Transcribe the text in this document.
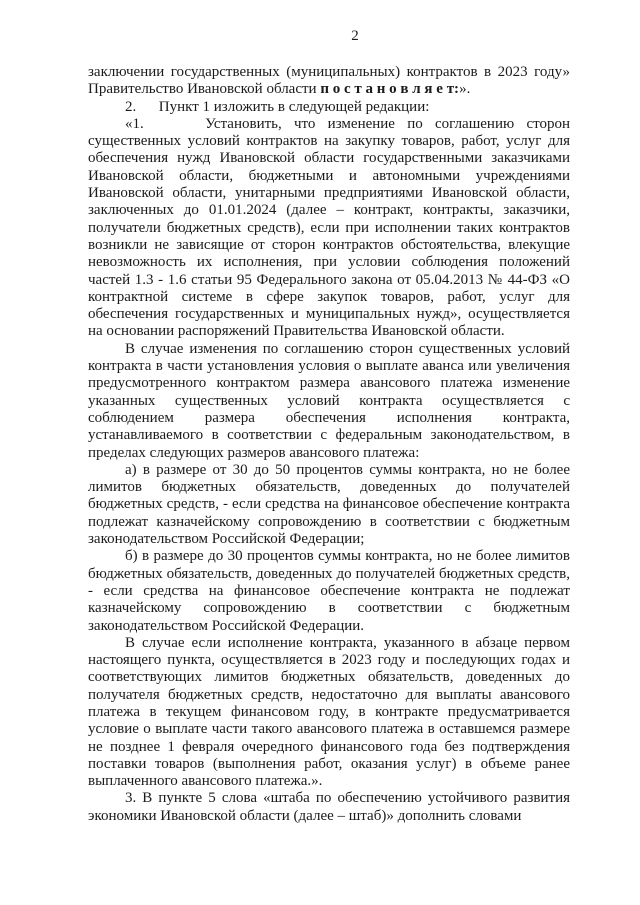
2

заключении государственных (муниципальных) контрактов в 2023 году» Правительство Ивановской области п о с т а н о в л я е т:».

2.      Пункт 1 изложить в следующей редакции:

«1.     Установить, что изменение по соглашению сторон существенных условий контрактов на закупку товаров, работ, услуг для обеспечения нужд Ивановской области государственными заказчиками Ивановской области, бюджетными и автономными учреждениями Ивановской области, унитарными предприятиями Ивановской области, заключенных до 01.01.2024 (далее – контракт, контракты, заказчики, получатели бюджетных средств), если при исполнении таких контрактов возникли не зависящие от сторон контрактов обстоятельства, влекущие невозможность их исполнения, при условии соблюдения положений частей 1.3 - 1.6 статьи 95 Федерального закона от 05.04.2013 № 44-ФЗ «О контрактной системе в сфере закупок товаров, работ, услуг для обеспечения государственных и муниципальных нужд», осуществляется на основании распоряжений Правительства Ивановской области.

В случае изменения по соглашению сторон существенных условий контракта в части установления условия о выплате аванса или увеличения предусмотренного контрактом размера авансового платежа изменение указанных существенных условий контракта осуществляется с соблюдением размера обеспечения исполнения контракта, устанавливаемого в соответствии с федеральным законодательством, в пределах следующих размеров авансового платежа:

а) в размере от 30 до 50 процентов суммы контракта, но не более лимитов бюджетных обязательств, доведенных до получателей бюджетных средств, - если средства на финансовое обеспечение контракта подлежат казначейскому сопровождению в соответствии с бюджетным законодательством Российской Федерации;

б) в размере до 30 процентов суммы контракта, но не более лимитов бюджетных обязательств, доведенных до получателей бюджетных средств, - если средства на финансовое обеспечение контракта не подлежат казначейскому сопровождению в соответствии с бюджетным законодательством Российской Федерации.

В случае если исполнение контракта, указанного в абзаце первом настоящего пункта, осуществляется в 2023 году и последующих годах и соответствующих лимитов бюджетных обязательств, доведенных до получателя бюджетных средств, недостаточно для выплаты авансового платежа в текущем финансовом году, в контракте предусматривается условие о выплате части такого авансового платежа в оставшемся размере не позднее 1 февраля очередного финансового года без подтверждения поставки товаров (выполнения работ, оказания услуг) в объеме ранее выплаченного авансового платежа.».

3. В пункте 5 слова «штаба по обеспечению устойчивого развития экономики Ивановской области (далее – штаб)» дополнить словами
